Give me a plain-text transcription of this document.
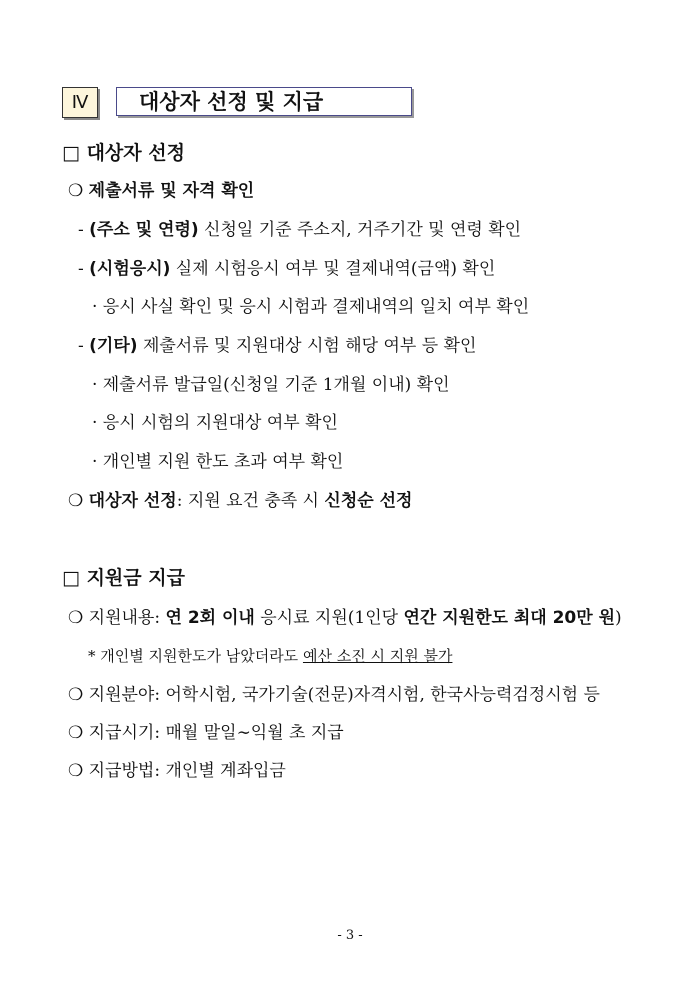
Ⅳ	대상자 선정 및 지급
□ 대상자 선정
❍ 제출서류 및 자격 확인
- (주소 및 연령) 신청일 기준 주소지, 거주기간 및 연령 확인
- (시험응시) 실제 시험응시 여부 및 결제내역(금액) 확인
· 응시 사실 확인 및 응시 시험과 결제내역의 일치 여부 확인
- (기타) 제출서류 및 지원대상 시험 해당 여부 등 확인
· 제출서류 발급일(신청일 기준 1개월 이내) 확인
· 응시 시험의 지원대상 여부 확인
· 개인별 지원 한도 초과 여부 확인
❍ 대상자 선정: 지원 요건 충족 시 신청순 선정
□ 지원금 지급
❍ 지원내용: 연 2회 이내 응시료 지원(1인당 연간 지원한도 최대 20만 원)
* 개인별 지원한도가 남았더라도 예산 소진 시 지원 불가
❍ 지원분야: 어학시험, 국가기술(전문)자격시험, 한국사능력검정시험 등
❍ 지급시기: 매월 말일∼익월 초 지급
❍ 지급방법: 개인별 계좌입금
- 3 -
